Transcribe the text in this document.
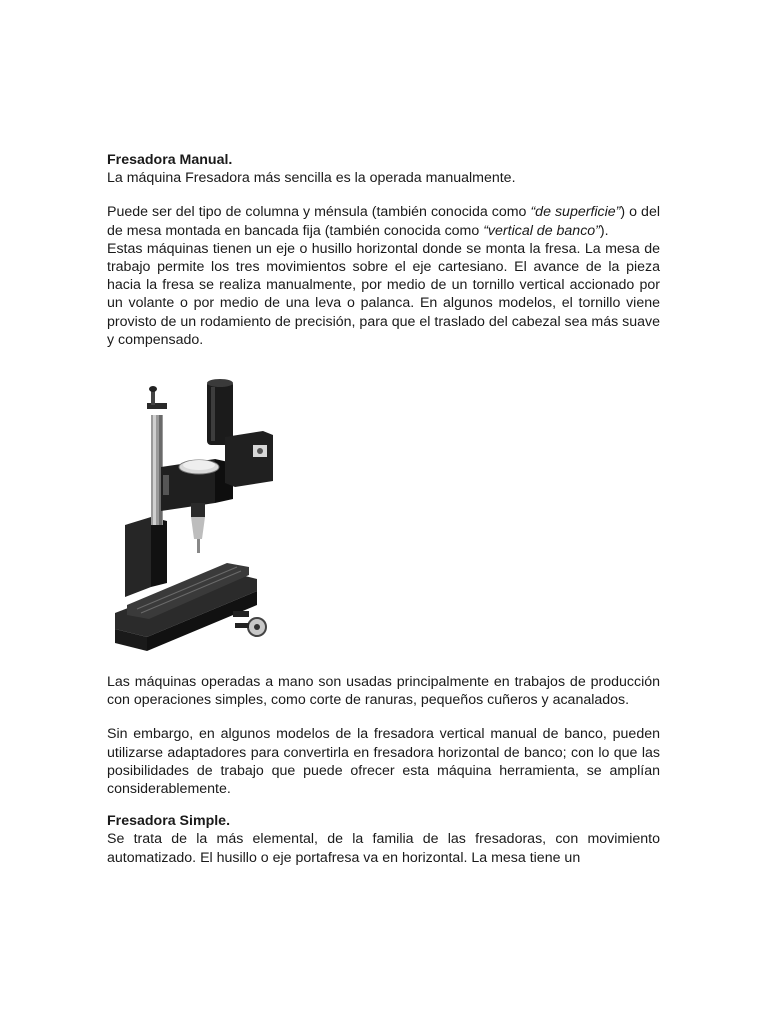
Fresadora Manual.

La máquina Fresadora más sencilla es la operada manualmente.

Puede ser del tipo de columna y ménsula (también conocida como “de superficie”) o del de mesa montada en bancada fija (también conocida como “vertical de banco”).

Estas máquinas tienen un eje o husillo horizontal donde se monta la fresa. La mesa de trabajo permite los tres movimientos sobre el eje cartesiano. El avance de la pieza hacia la fresa se realiza manualmente, por medio de un tornillo vertical accionado por un volante o por medio de una leva o palanca. En algunos modelos, el tornillo viene provisto de un rodamiento de precisión, para que el traslado del cabezal sea más suave y compensado.

Las máquinas operadas a mano son usadas principalmente en trabajos de producción con operaciones simples, como corte de ranuras, pequeños cuñeros y acanalados.

Sin embargo, en algunos modelos de la fresadora vertical manual de banco, pueden utilizarse adaptadores para convertirla en fresadora horizontal de banco; con lo que las posibilidades de trabajo que puede ofrecer esta máquina herramienta, se amplían considerablemente.

Fresadora Simple.

Se trata de la más elemental, de la familia de las fresadoras, con movimiento automatizado. El husillo o eje portafresa va en horizontal. La mesa tiene un
